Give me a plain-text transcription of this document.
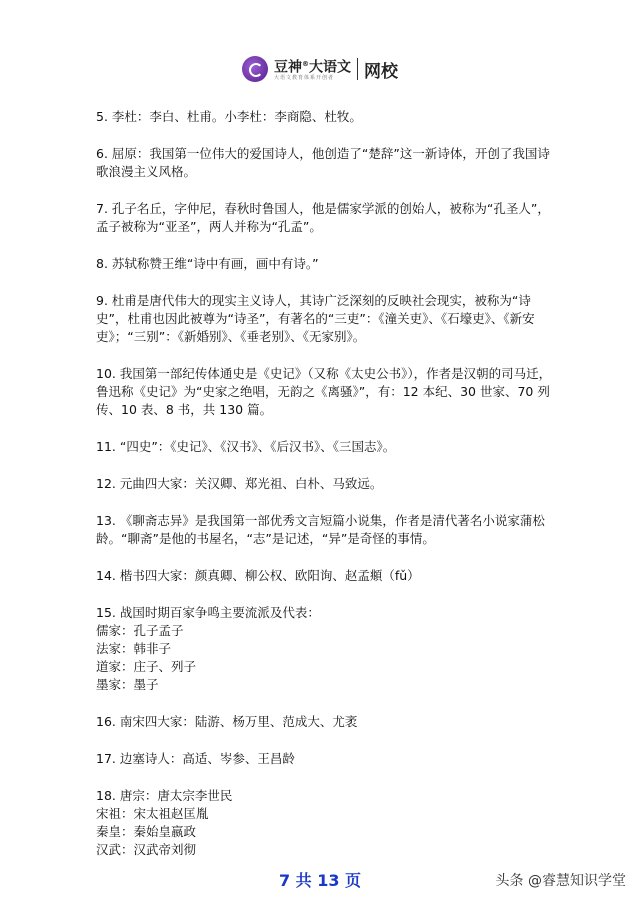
豆神®大语文
大语文教育体系开创者 网校

5. 李杜：李白、杜甫。小李杜：李商隐、杜牧。

6. 屈原：我国第一位伟大的爱国诗人，他创造了“楚辞”这一新诗体，开创了我国诗歌浪漫主义风格。

7. 孔子名丘，字仲尼，春秋时鲁国人，他是儒家学派的创始人，被称为“孔圣人”，孟子被称为“亚圣”，两人并称为“孔孟”。

8. 苏轼称赞王维“诗中有画，画中有诗。”

9. 杜甫是唐代伟大的现实主义诗人，其诗广泛深刻的反映社会现实，被称为“诗史”，杜甫也因此被尊为“诗圣”，有著名的“三吏”：《潼关吏》、《石壕吏》、《新安吏》；“三别”：《新婚别》、《垂老别》、《无家别》。

10. 我国第一部纪传体通史是《史记》（又称《太史公书》），作者是汉朝的司马迁，鲁迅称《史记》为“史家之绝唱，无韵之《离骚》”，有：12 本纪、30 世家、70 列传、10 表、8 书，共 130 篇。

11. “四史”：《史记》、《汉书》、《后汉书》、《三国志》。

12. 元曲四大家：关汉卿、郑光祖、白朴、马致远。

13. 《聊斋志异》是我国第一部优秀文言短篇小说集，作者是清代著名小说家蒲松龄。“聊斋”是他的书屋名，“志”是记述，“异”是奇怪的事情。

14. 楷书四大家：颜真卿、柳公权、欧阳询、赵孟頫（fǔ）

15. 战国时期百家争鸣主要流派及代表：

儒家：孔子孟子

法家：韩非子

道家：庄子、列子

墨家：墨子

16. 南宋四大家：陆游、杨万里、范成大、尤袤

17. 边塞诗人：高适、岑参、王昌龄

18. 唐宗：唐太宗李世民

宋祖：宋太祖赵匡胤

秦皇：秦始皇嬴政

汉武：汉武帝刘彻

7 共 13 页	头条 @睿慧知识学堂
